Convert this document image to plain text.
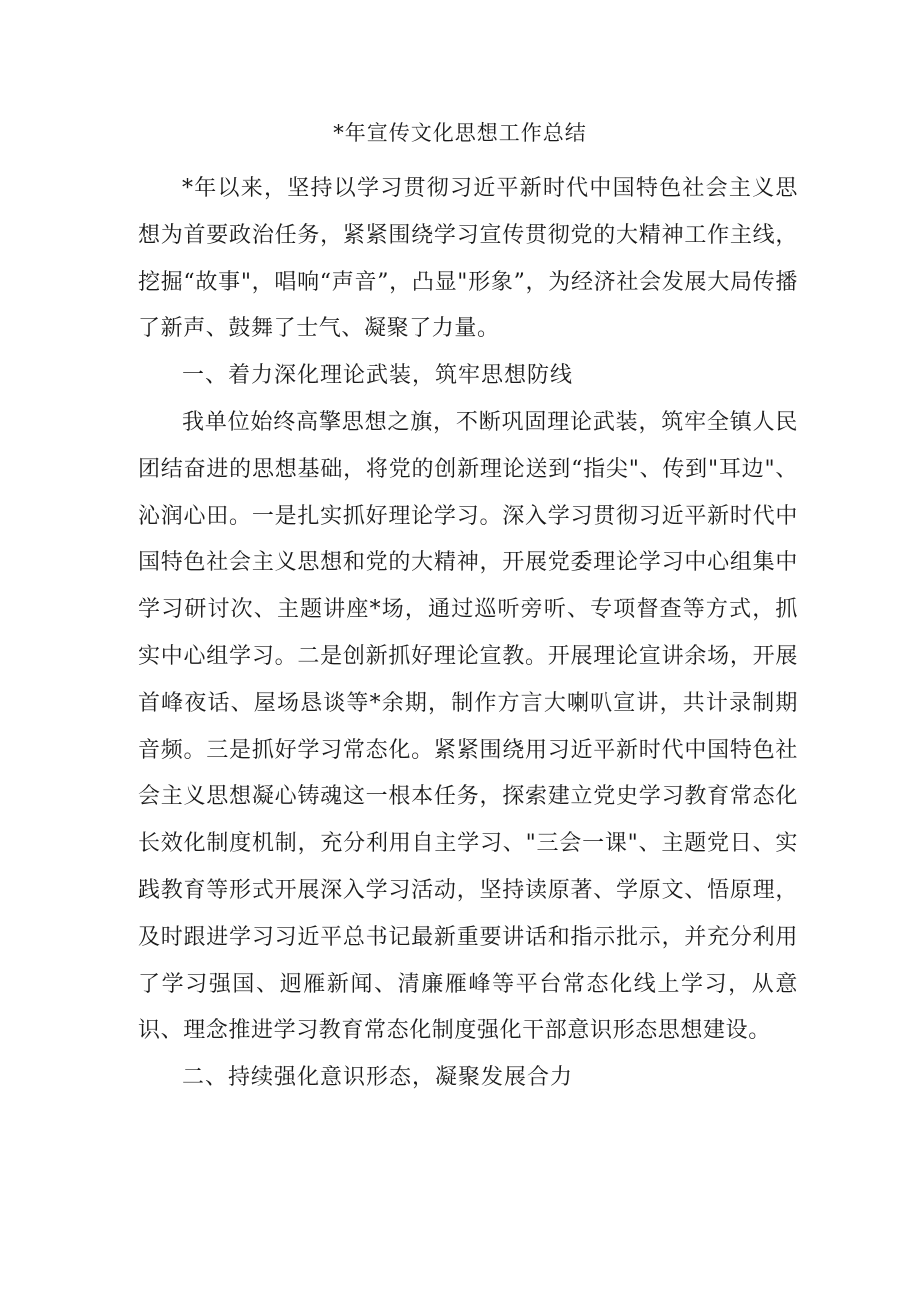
*年宣传文化思想工作总结

*年以来，坚持以学习贯彻习近平新时代中国特色社会主义思想为首要政治任务，紧紧围绕学习宣传贯彻党的大精神工作主线，挖掘“故事"，唱响“声音”，凸显"形象”，为经济社会发展大局传播了新声、鼓舞了士气、凝聚了力量。

一、着力深化理论武装，筑牢思想防线

我单位始终高擎思想之旗，不断巩固理论武装，筑牢全镇人民团结奋进的思想基础，将党的创新理论送到“指尖"、传到"耳边"、沁润心田。一是扎实抓好理论学习。深入学习贯彻习近平新时代中国特色社会主义思想和党的大精神，开展党委理论学习中心组集中学习研讨次、主题讲座*场，通过巡听旁听、专项督查等方式，抓实中心组学习。二是创新抓好理论宣教。开展理论宣讲余场，开展首峰夜话、屋场恳谈等*余期，制作方言大喇叭宣讲，共计录制期音频。三是抓好学习常态化。紧紧围绕用习近平新时代中国特色社会主义思想凝心铸魂这一根本任务，探索建立党史学习教育常态化长效化制度机制，充分利用自主学习、"三会一课"、主题党日、实践教育等形式开展深入学习活动，坚持读原著、学原文、悟原理，及时跟进学习习近平总书记最新重要讲话和指示批示，并充分利用了学习强国、迥雁新闻、清廉雁峰等平台常态化线上学习，从意识、理念推进学习教育常态化制度强化干部意识形态思想建设。

二、持续强化意识形态，凝聚发展合力
